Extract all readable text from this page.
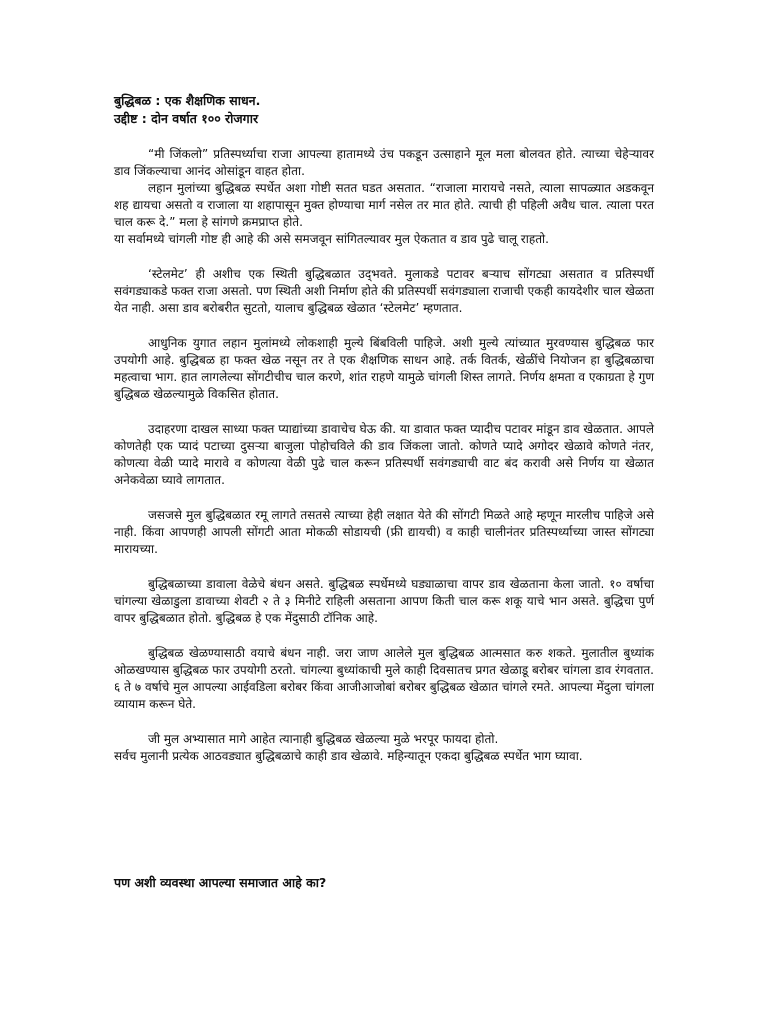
बुद्धिबळ : एक शैक्षणिक साधन.

उद्दीष्ट : दोन वर्षात १०० रोजगार

“मी जिंकलो” प्रतिस्पर्ध्याचा राजा आपल्या हातामध्ये उंच पकडून उत्साहाने मूल मला बोलवत होते. त्याच्या चेहेऱ्यावर डाव जिंकल्याचा आनंद ओसांडून वाहत होता.

लहान मुलांच्या बुद्धिबळ स्पर्धेत अशा गोष्टी सतत घडत असतात. “राजाला मारायचे नसते, त्याला सापळ्यात अडकवून शह द्यायचा असतो व राजाला या शहापासून मुक्त होण्याचा मार्ग नसेल तर मात होते. त्याची ही पहिली अवैध चाल. त्याला परत चाल करू दे.” मला हे सांगणे क्रमप्राप्त होते.

या सर्वामध्ये चांगली गोष्ट ही आहे की असे समजवून सांगितल्यावर मुल ऐकतात व डाव पुढे चालू राहतो.

‘स्टेलमेट’ ही अशीच एक स्थिती बुद्धिबळात उद्‌भवते. मुलाकडे पटावर बऱ्याच सोंगट्या असतात व प्रतिस्पर्धी सवंगड्याकडे फक्त राजा असतो. पण स्थिती अशी निर्माण होते की प्रतिस्पर्धी सवंगड्याला राजाची एकही कायदेशीर चाल खेळता येत नाही. असा डाव बरोबरीत सुटतो, यालाच बुद्धिबळ खेळात ‘स्टेलमेट’ म्हणतात.

आधुनिक युगात लहान मुलांमध्ये लोकशाही मुल्ये बिंबविली पाहिजे. अशी मुल्ये त्यांच्यात मुरवण्यास बुद्धिबळ फार उपयोगी आहे. बुद्धिबळ हा फक्त खेळ नसून तर ते एक शैक्षणिक साधन आहे. तर्क वितर्क, खेळींचे नियोजन हा बुद्धिबळाचा महत्वाचा भाग. हात लागलेल्या सोंगटीचीच चाल करणे, शांत राहणे यामुळे चांगली शिस्त लागते. निर्णय क्षमता व एकाग्रता हे गुण बुद्धिबळ खेळल्यामुळे विकसित होतात.

उदाहरणा दाखल साध्या फक्त प्याद्यांच्या डावाचेच घेऊ की. या डावात फक्त प्यादीच पटावर मांडून डाव खेळतात. आपले कोणतेही एक प्यादं पटाच्या दुसऱ्या बाजुला पोहोचविले की डाव जिंकला जातो. कोणते प्यादे अगोदर खेळावे कोणते नंतर, कोणत्या वेळी प्यादे मारावे व कोणत्या वेळी पुढे चाल करून प्रतिस्पर्धी सवंगड्याची वाट बंद करावी असे निर्णय या खेळात अनेकवेळा घ्यावे लागतात.

जसजसे मुल बुद्धिबळात रमू लागते तसतसे त्याच्या हेही लक्षात येते की सोंगटी मिळते आहे म्हणून मारलीच पाहिजे असे नाही. किंवा आपणही आपली सोंगटी आता मोकळी सोडायची (फ्री द्यायची) व काही चालीनंतर प्रतिस्पर्ध्याच्या जास्त सोंगट्या मारायच्या.

बुद्धिबळाच्या डावाला वेळेचे बंधन असते. बुद्धिबळ स्पर्धेमध्ये घड्याळाचा वापर डाव खेळताना केला जातो. १० वर्षाचा चांगल्या खेळाडुला डावाच्या शेवटी २ ते ३ मिनीटे राहिली असताना आपण किती चाल करू शकू याचे भान असते. बुद्धिचा पुर्ण वापर बुद्धिबळात होतो. बुद्धिबळ हे एक मेंदुसाठी टॉनिक आहे.

बुद्धिबळ खेळण्यासाठी वयाचे बंधन नाही. जरा जाण आलेले मुल बुद्धिबळ आत्मसात करु शकते. मुलातील बुध्यांक ओळखण्यास बुद्धिबळ फार उपयोगी ठरतो. चांगल्या बुध्यांकाची मुले काही दिवसातच प्रगत खेळाडू बरोबर चांगला डाव रंगवतात. ६ ते ७ वर्षाचे मुल आपल्या आईवडिला बरोबर किंवा आजीआजोबां बरोबर बुद्धिबळ खेळात चांगले रमते. आपल्या मेंदुला चांगला व्यायाम करून घेते.

जी मुल अभ्यासात मागे आहेत त्यानाही बुद्धिबळ खेळल्या मुळे भरपूर फायदा होतो.

सर्वच मुलानी प्रत्येक आठवड्यात बुद्धिबळाचे काही डाव खेळावे. महिन्यातून एकदा बुद्धिबळ स्पर्धेत भाग घ्यावा.

पण अशी व्यवस्था आपल्या समाजात आहे का?
